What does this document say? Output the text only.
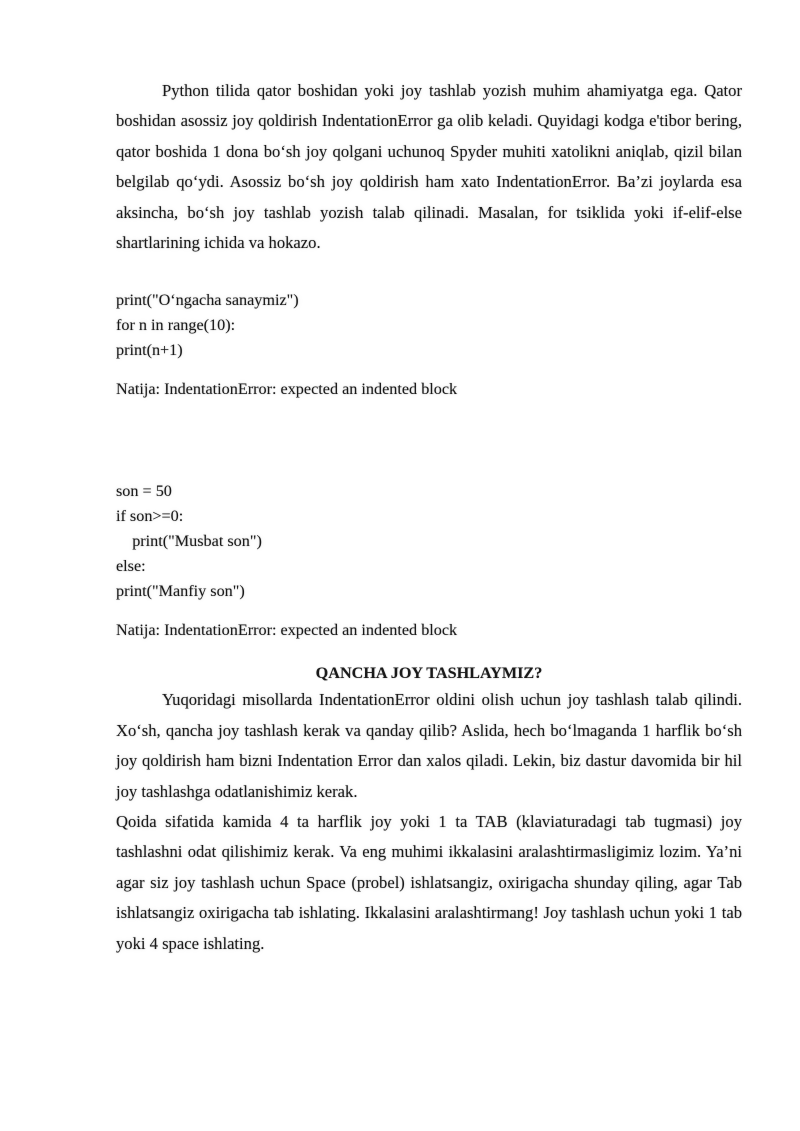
Python tilida qator boshidan yoki joy tashlab yozish muhim ahamiyatga ega. Qator boshidan asossiz joy qoldirish IndentationError ga olib keladi. Quyidagi kodga e'tibor bering, qator boshida 1 dona bo‘sh joy qolgani uchunoq Spyder muhiti xatolikni aniqlab, qizil bilan belgilab qo‘ydi. Asossiz bo‘sh joy qoldirish ham xato IndentationError. Ba’zi joylarda esa aksincha, bo‘sh joy tashlab yozish talab qilinadi. Masalan, for tsiklida yoki if-elif-else shartlarining ichida va hokazo.

print("O‘ngacha sanaymiz")
for n in range(10):
print(n+1)

Natija: IndentationError: expected an indented block

son = 50
if son>=0:
print("Musbat son")
else:
print("Manfiy son")

Natija: IndentationError: expected an indented block

QANCHA JOY TASHLAYMIZ?

Yuqoridagi misollarda IndentationError oldini olish uchun joy tashlash talab qilindi. Xo‘sh, qancha joy tashlash kerak va qanday qilib? Aslida, hech bo‘lmaganda 1 harflik bo‘sh joy qoldirish ham bizni Indentation Error dan xalos qiladi. Lekin, biz dastur davomida bir hil joy tashlashga odatlanishimiz kerak.

Qoida sifatida kamida 4 ta harflik joy yoki 1 ta TAB (klaviaturadagi tab tugmasi) joy tashlashni odat qilishimiz kerak. Va eng muhimi ikkalasini aralashtirmasligimiz lozim. Ya’ni agar siz joy tashlash uchun Space (probel) ishlatsangiz, oxirigacha shunday qiling, agar Tab ishlatsangiz oxirigacha tab ishlating. Ikkalasini aralashtirmang! Joy tashlash uchun yoki 1 tab yoki 4 space ishlating.
